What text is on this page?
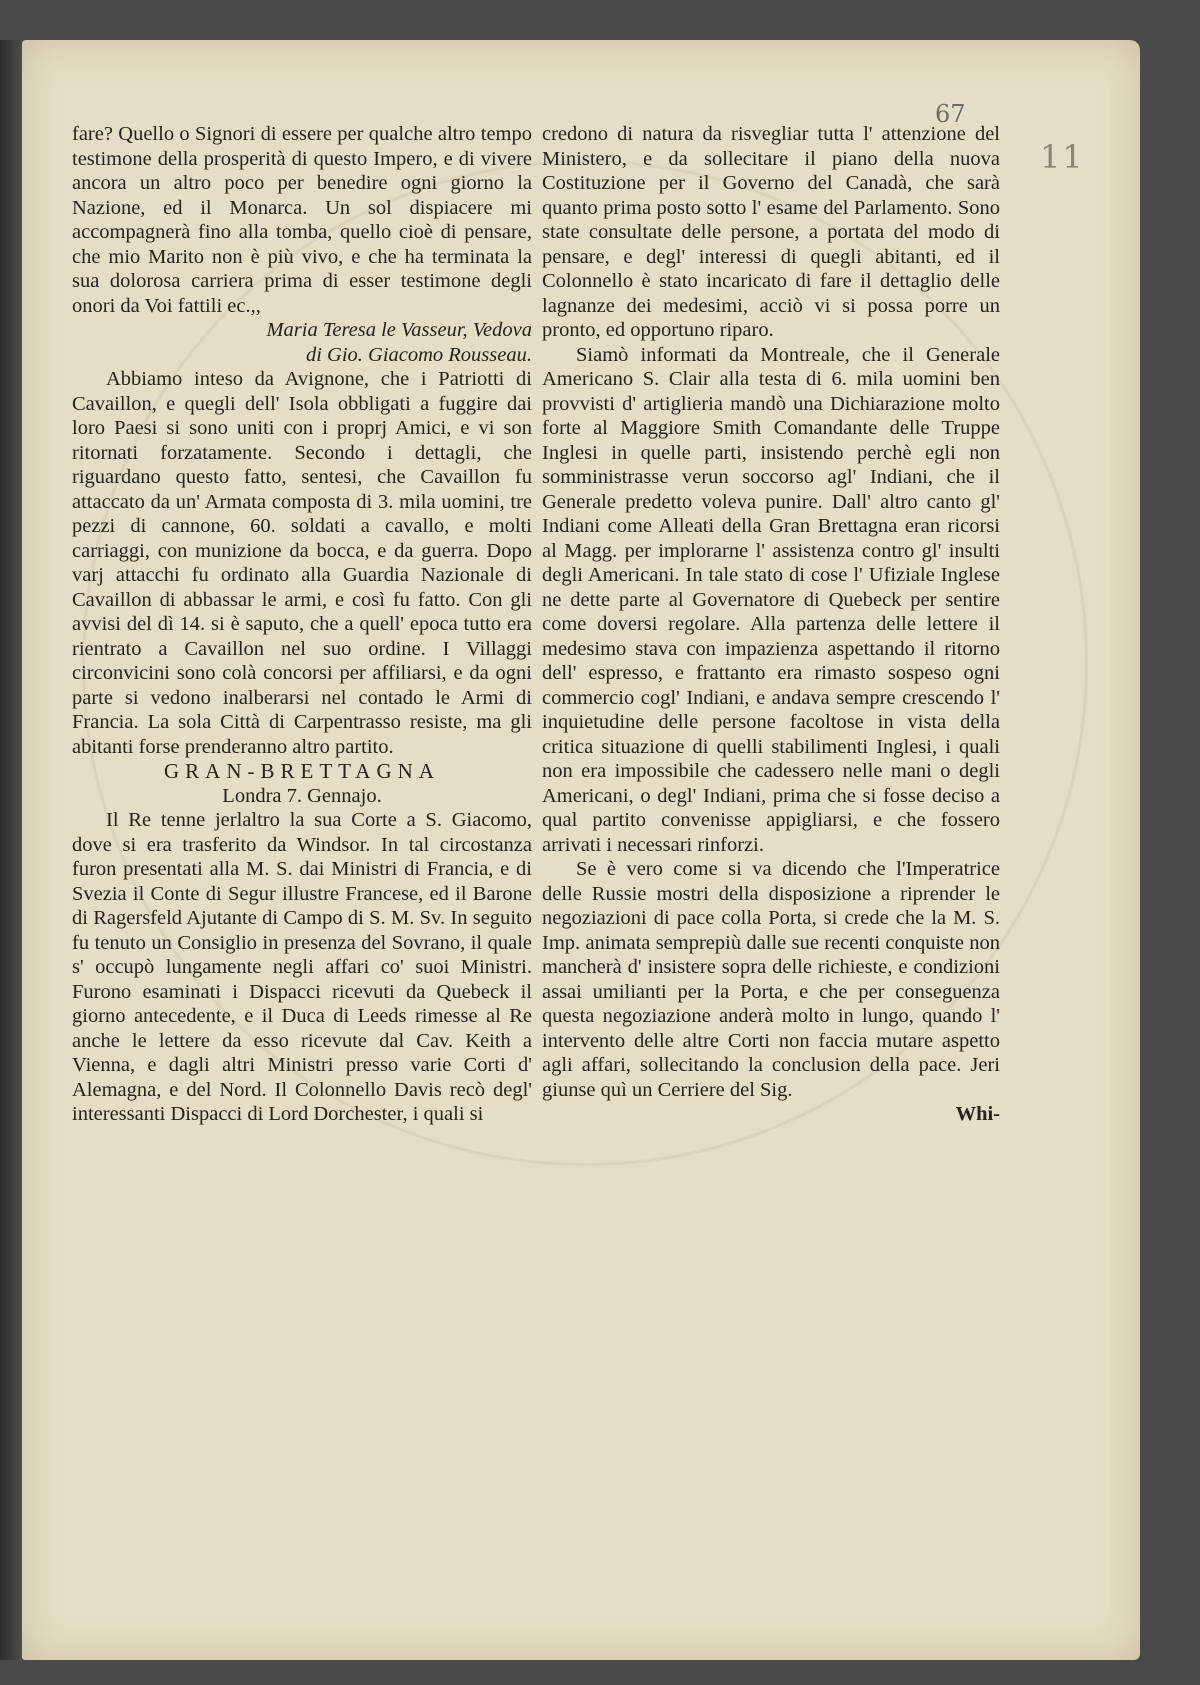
67
11

fare? Quello o Signori di essere per qualche altro tempo testimone della prosperità di questo Impero, e di vivere ancora un altro poco per benedire ogni giorno la Nazione, ed il Monarca. Un sol dispiacere mi accompagnerà fino alla tomba, quello cioè di pensare, che mio Marito non è più vivo, e che ha terminata la sua dolorosa carriera prima di esser testimone degli onori da Voi fattili ec.,,

Maria Teresa le Vasseur, Vedova

di Gio. Giacomo Rousseau.

Abbiamo inteso da Avignone, che i Patriotti di Cavaillon, e quegli dell' Isola obbligati a fuggire dai loro Paesi si sono uniti con i proprj Amici, e vi son ritornati forzatamente. Secondo i dettagli, che riguardano questo fatto, sentesi, che Cavaillon fu attaccato da un' Armata composta di 3. mila uomini, tre pezzi di cannone, 60. soldati a cavallo, e molti carriaggi, con munizione da bocca, e da guerra. Dopo varj attacchi fu ordinato alla Guardia Nazionale di Cavaillon di abbassar le armi, e così fu fatto. Con gli avvisi del dì 14. si è saputo, che a quell' epoca tutto era rientrato a Cavaillon nel suo ordine. I Villaggi circonvicini sono colà concorsi per affiliarsi, e da ogni parte si vedono inalberarsi nel contado le Armi di Francia. La sola Città di Carpentrasso resiste, ma gli abitanti forse prenderanno altro partito.

GRAN-BRETTAGNA

Londra 7. Gennajo.

Il Re tenne jerlaltro la sua Corte a S. Giacomo, dove si era trasferito da Windsor. In tal circostanza furon presentati alla M. S. dai Ministri di Francia, e di Svezia il Conte di Segur illustre Francese, ed il Barone di Ragersfeld Ajutante di Campo di S. M. Sv. In seguito fu tenuto un Consiglio in presenza del Sovrano, il quale s' occupò lungamente negli affari co' suoi Ministri. Furono esaminati i Dispacci ricevuti da Quebeck il giorno antecedente, e il Duca di Leeds rimesse al Re anche le lettere da esso ricevute dal Cav. Keith a Vienna, e dagli altri Ministri presso varie Corti d' Alemagna, e del Nord. Il Colonnello Davis recò degl' interessanti Dispacci di Lord Dorchester, i quali si

credono di natura da risvegliar tutta l' attenzione del Ministero, e da sollecitare il piano della nuova Costituzione per il Governo del Canadà, che sarà quanto prima posto sotto l' esame del Parlamento. Sono state consultate delle persone, a portata del modo di pensare, e degl' interessi di quegli abitanti, ed il Colonnello è stato incaricato di fare il dettaglio delle lagnanze dei medesimi, acciò vi si possa porre un pronto, ed opportuno riparo.

Siamò informati da Montreale, che il Generale Americano S. Clair alla testa di 6. mila uomini ben provvisti d' artiglieria mandò una Dichiarazione molto forte al Maggiore Smith Comandante delle Truppe Inglesi in quelle parti, insistendo perchè egli non somministrasse verun soccorso agl' Indiani, che il Generale predetto voleva punire. Dall' altro canto gl' Indiani come Alleati della Gran Brettagna eran ricorsi al Magg. per implorarne l' assistenza contro gl' insulti degli Americani. In tale stato di cose l' Ufiziale Inglese ne dette parte al Governatore di Quebeck per sentire come doversi regolare. Alla partenza delle lettere il medesimo stava con impazienza aspettando il ritorno dell' espresso, e frattanto era rimasto sospeso ogni commercio cogl' Indiani, e andava sempre crescendo l' inquietudine delle persone facoltose in vista della critica situazione di quelli stabilimenti Inglesi, i quali non era impossibile che cadessero nelle mani o degli Americani, o degl' Indiani, prima che si fosse deciso a qual partito convenisse appigliarsi, e che fossero arrivati i necessari rinforzi.

Se è vero come si va dicendo che l'Imperatrice delle Russie mostri della disposizione a riprender le negoziazioni di pace colla Porta, si crede che la M. S. Imp. animata semprepiù dalle sue recenti conquiste non mancherà d' insistere sopra delle richieste, e condizioni assai umilianti per la Porta, e che per conseguenza questa negoziazione anderà molto in lungo, quando l' intervento delle altre Corti non faccia mutare aspetto agli affari, sollecitando la conclusion della pace. Jeri giunse quì un Cerriere del Sig.

Whi-
